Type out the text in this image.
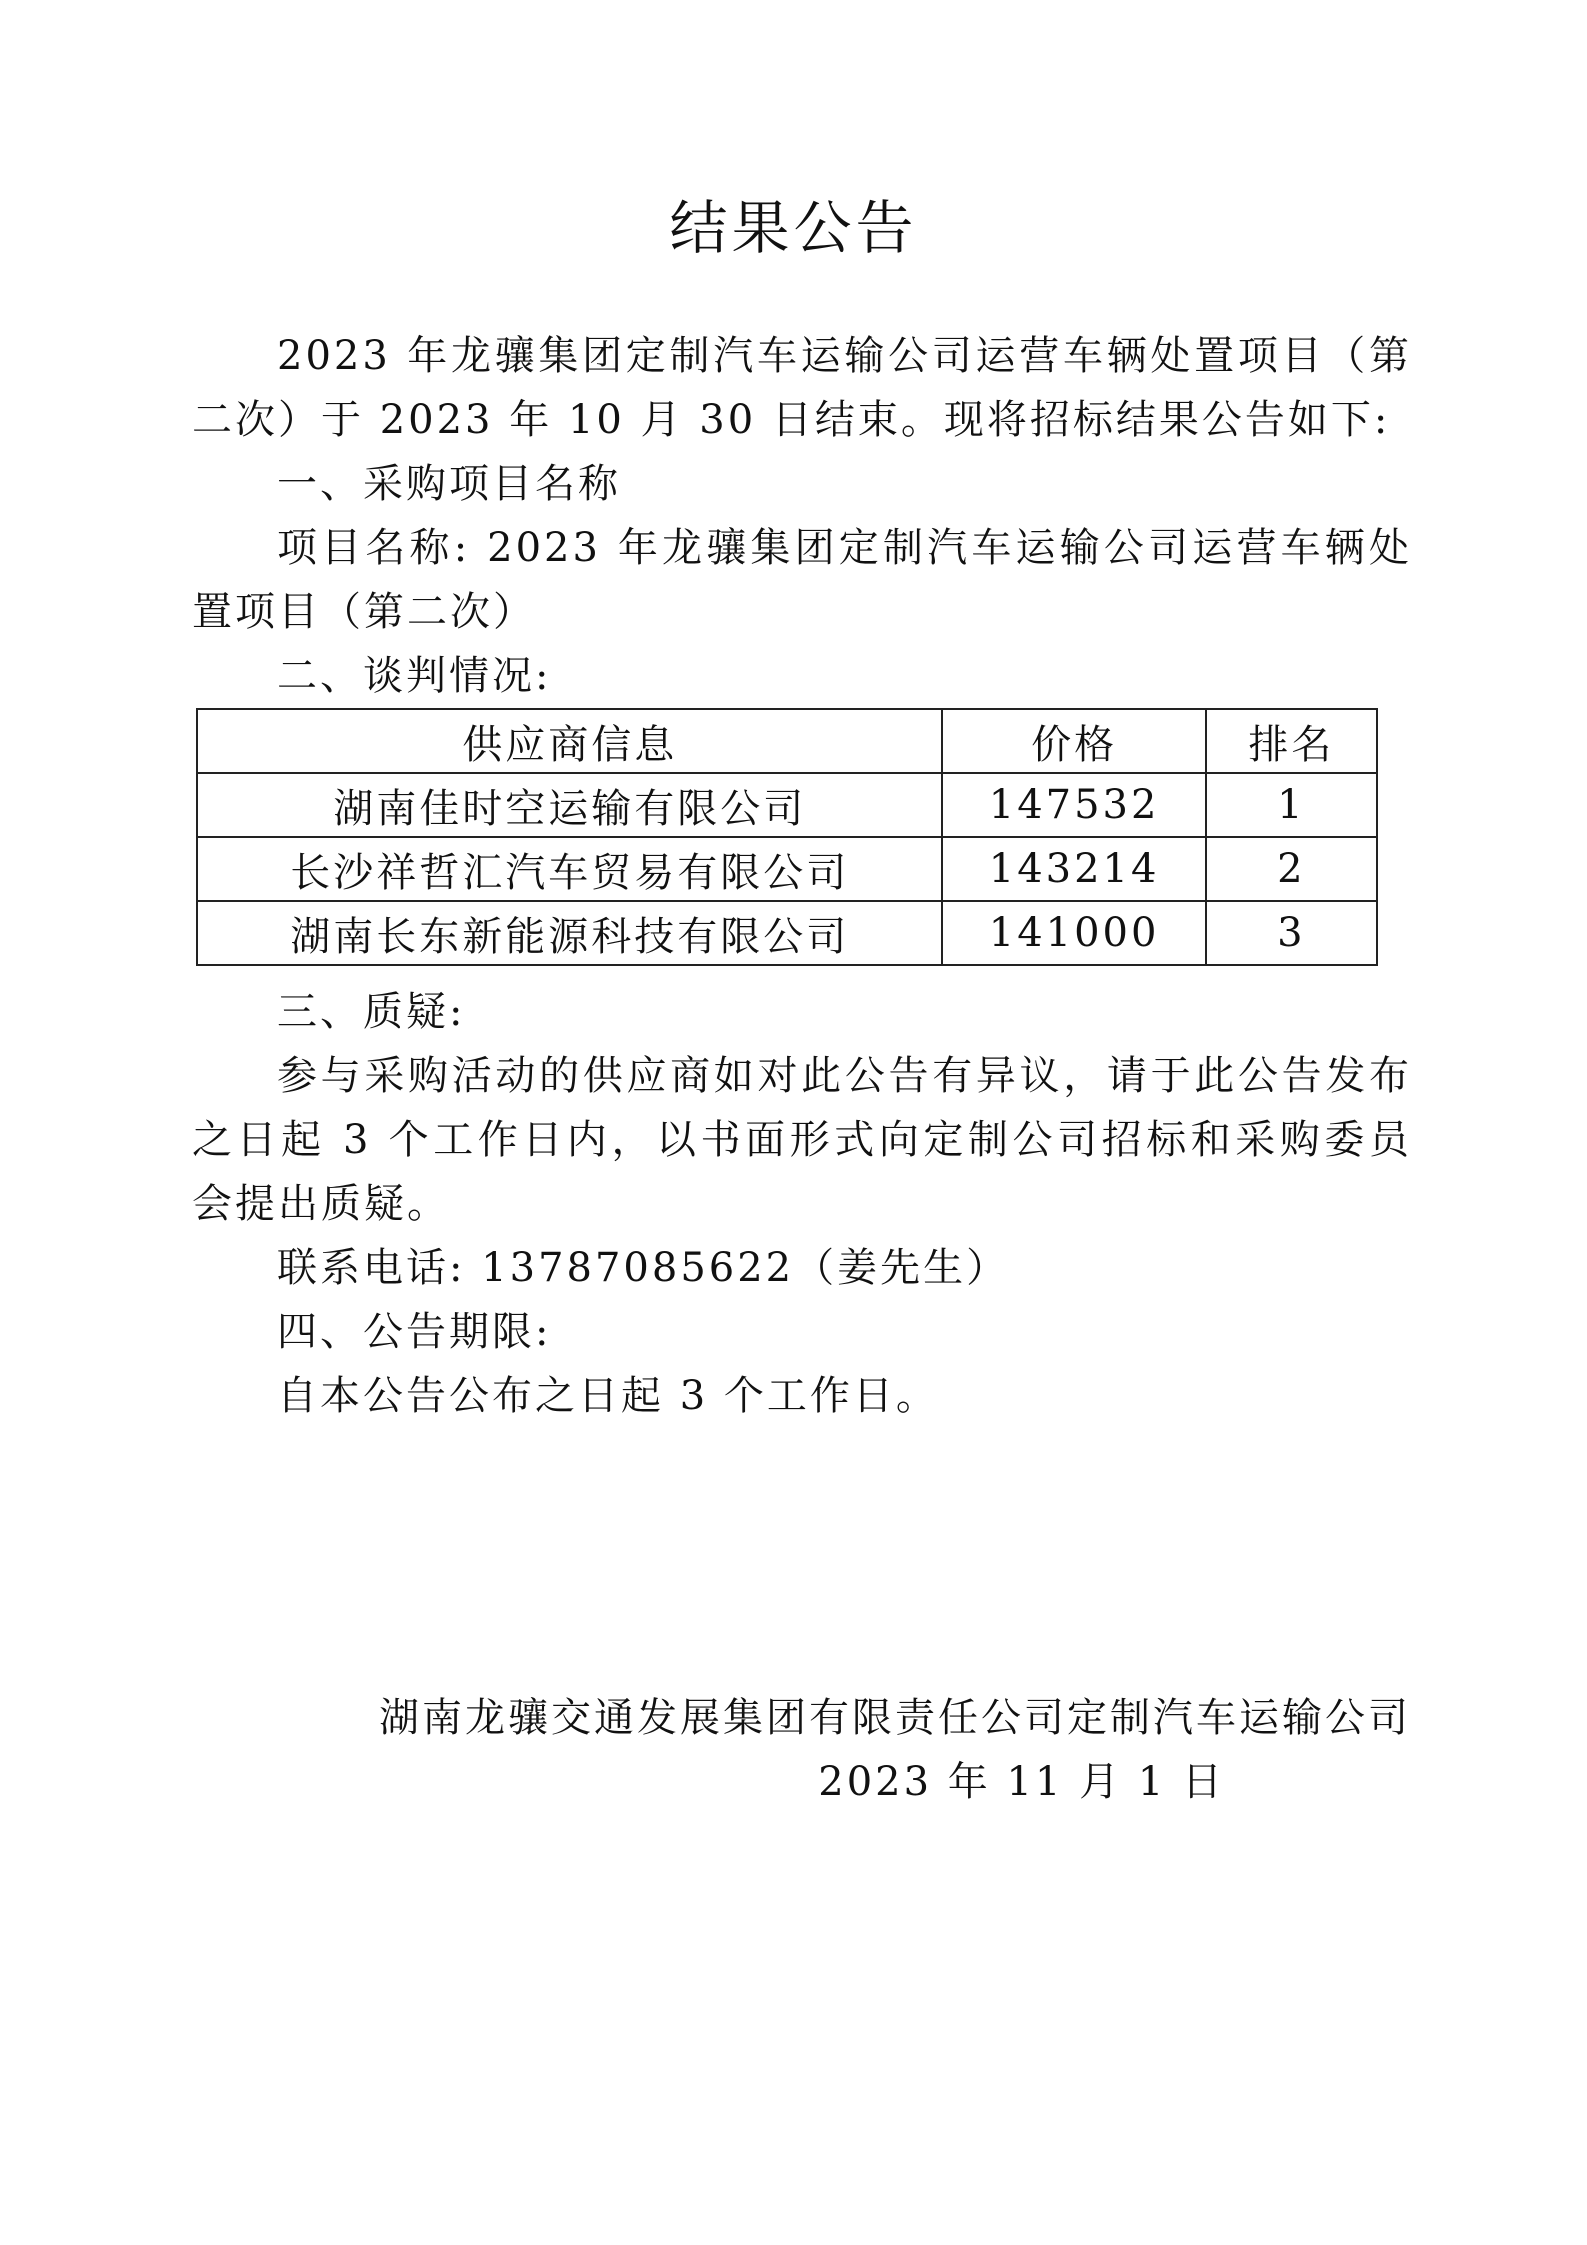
结果公告

2023 年龙骧集团定制汽车运输公司运营车辆处置项目（第二次）于 2023 年 10 月 30 日结束。现将招标结果公告如下:

一、采购项目名称

项目名称: 2023 年龙骧集团定制汽车运输公司运营车辆处置项目（第二次）

二、谈判情况:

供应商信息	价格	排名
湖南佳时空运输有限公司	147532	1
长沙祥哲汇汽车贸易有限公司	143214	2
湖南长东新能源科技有限公司	141000	3

三、质疑:

参与采购活动的供应商如对此公告有异议，请于此公告发布之日起 3 个工作日内，以书面形式向定制公司招标和采购委员会提出质疑。

联系电话: 13787085622（姜先生）

四、公告期限:

自本公告公布之日起 3 个工作日。

湖南龙骧交通发展集团有限责任公司定制汽车运输公司
2023 年 11 月 1 日
